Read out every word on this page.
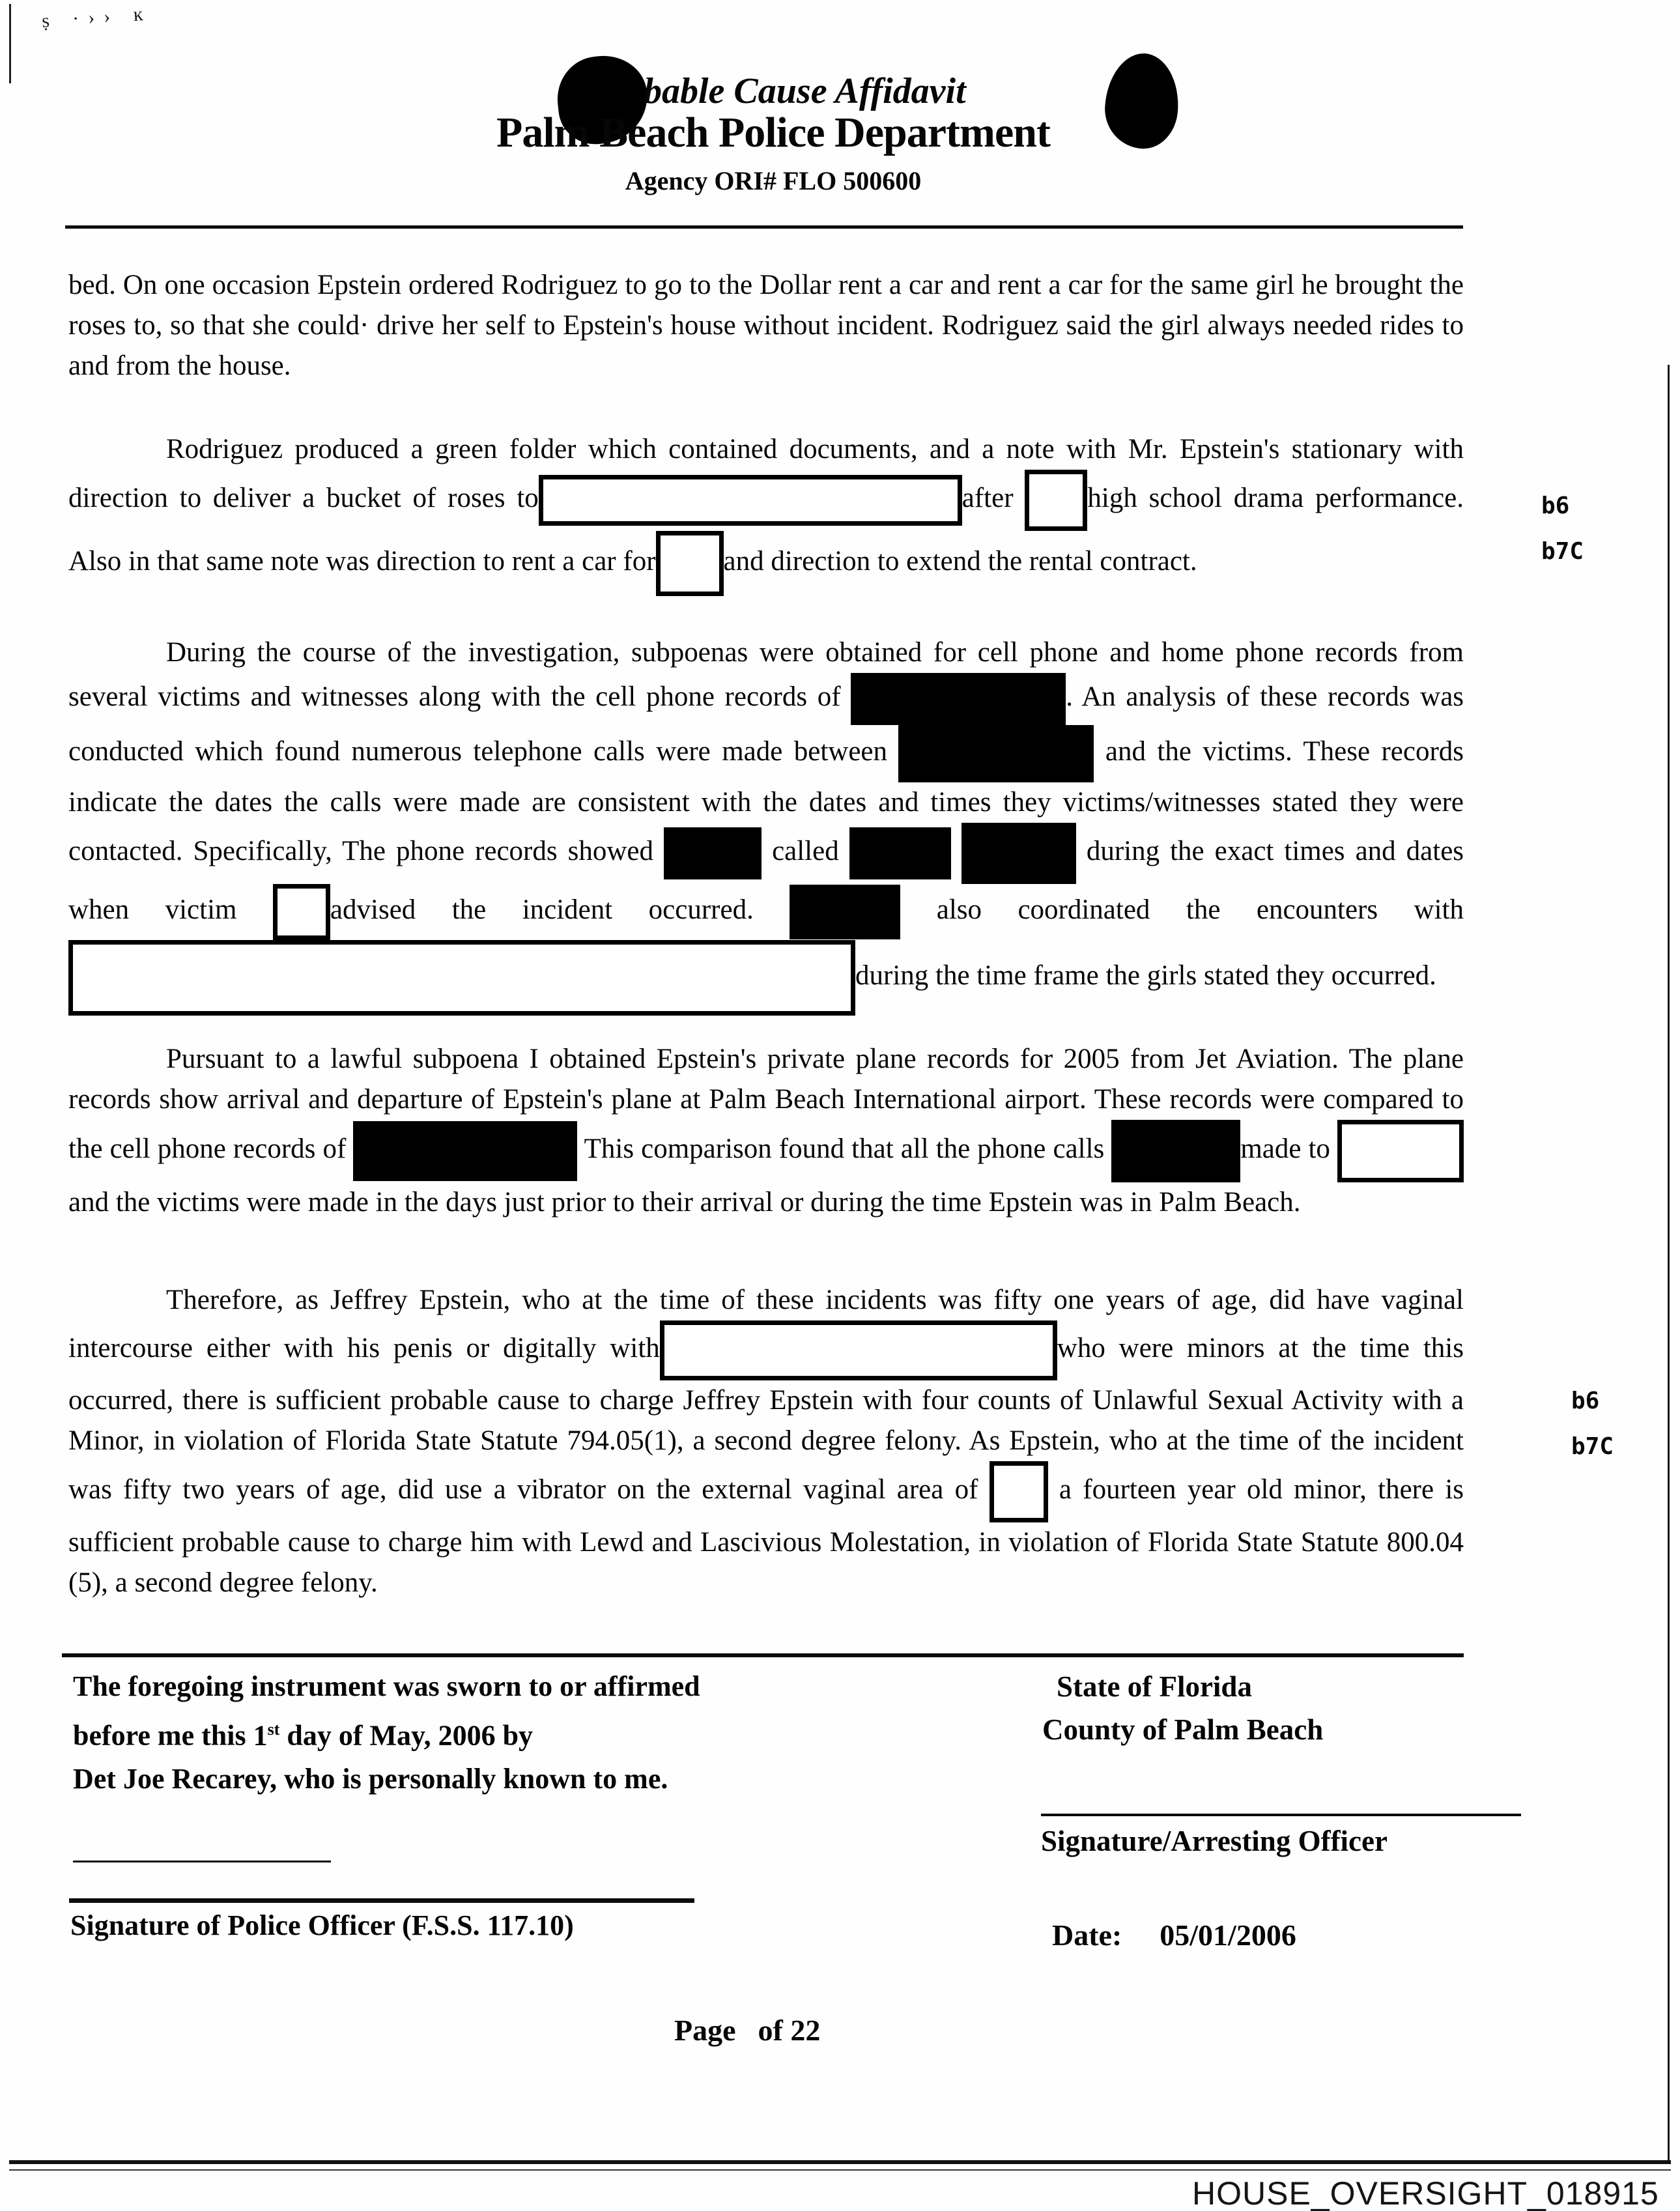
ṣ ·›› ĸ
bable Cause Affidavit
Palm Beach Police Department
Agency ORI# FLO 500600

bed. On one occasion Epstein ordered Rodriguez to go to the Dollar rent a car and rent a car for the same girl he brought the roses to, so that she could· drive her self to Epstein's house without incident. Rodriguez said the girl always needed rides to and from the house.

Rodriguez produced a green folder which contained documents, and a note with Mr. Epstein's stationary with direction to deliver a bucket of roses to	after	high school drama performance. Also in that same note was direction to rent a car for and direction to extend the rental contract.

b6
b7C

During the course of the investigation, subpoenas were obtained for cell phone and home phone records from several victims and witnesses along with the cell phone records of	. An analysis of these records was conducted which found numerous telephone calls were made between	and the victims. These records indicate the dates the calls were made are consistent with the dates and times they victims/witnesses stated they were contacted. Specifically, The phone records showed	called	during the exact times and dates when victim	advised the incident occurred.	also coordinated the encounters withduring the time frame the girls stated they occurred.

Pursuant to a lawful subpoena I obtained Epstein's private plane records for 2005 from Jet Aviation. The plane records show arrival and departure of Epstein's plane at Palm Beach International airport. These records were compared to the cell phone records of	This comparison found that all the phone calls	made to  and the victims were made in the days just prior to their arrival or during the time Epstein was in Palm Beach.

Therefore, as Jeffrey Epstein, who at the time of these incidents was fifty one years of age, did have vaginal intercourse either with his penis or digitally with	who were minors at the time this occurred, there is sufficient probable cause to charge Jeffrey Epstein with four counts of Unlawful Sexual Activity with a Minor, in violation of Florida State Statute 794.05(1), a second degree felony. As Epstein, who at the time of the incident was fifty two years of age, did use a vibrator on the external vaginal area of	a fourteen year old minor, there is sufficient probable cause to charge him with Lewd and Lascivious Molestation, in violation of Florida State Statute 800.04 (5), a second degree felony.

b6
b7C
The foregoing instrument was sworn to or affirmed
before me this 1st day of May, 2006 by
Det Joe Recarey, who is personally known to me.
State of Florida
County of Palm Beach
Signature/Arresting Officer
Signature of Police Officer (F.S.S. 117.10)	Date: 05/01/2006
Page of 22
HOUSE_OVERSIGHT_018915
